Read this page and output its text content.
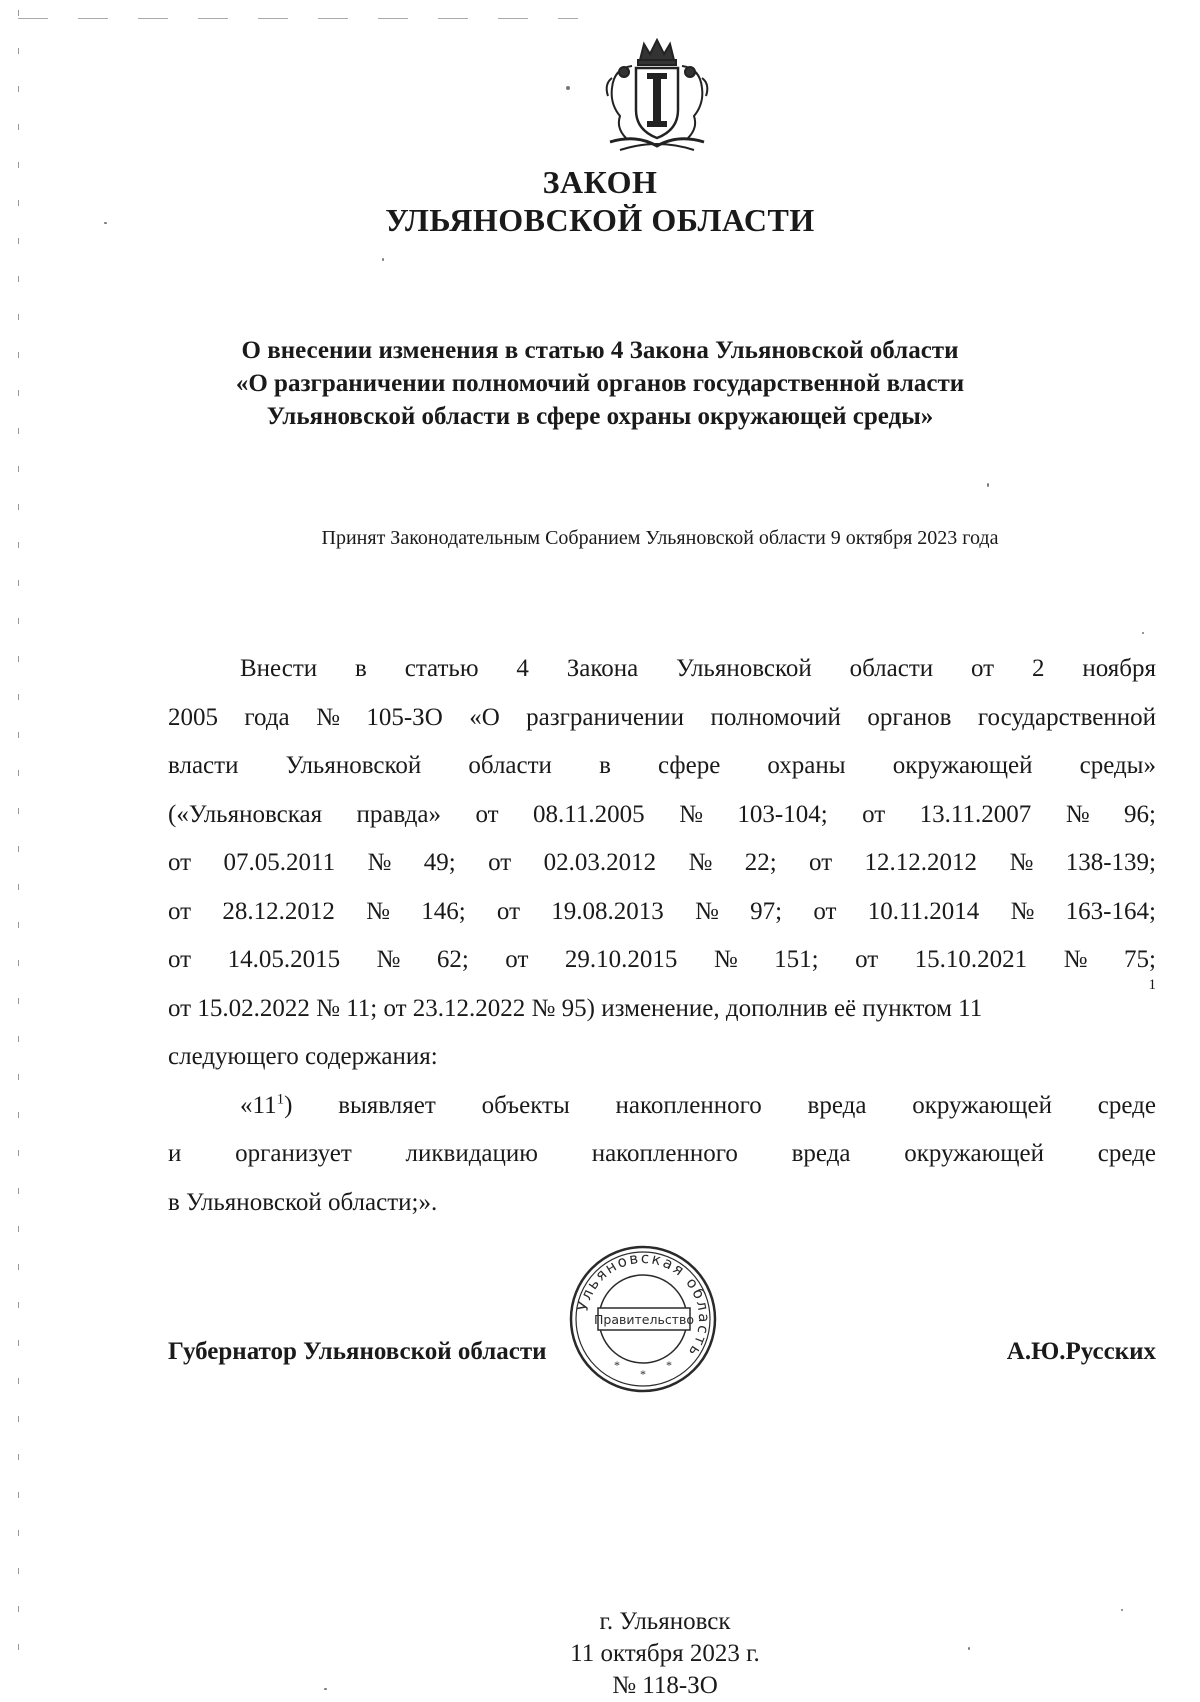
ЗАКОН
УЛЬЯНОВСКОЙ ОБЛАСТИ
О внесении изменения в статью 4 Закона Ульяновской области
«О разграничении полномочий органов государственной власти
Ульяновской области в сфере охраны окружающей среды»
Принят Законодательным Собранием Ульяновской области 9 октября 2023 года
Внести в статью 4 Закона Ульяновской области от 2 ноября
2005 года № 105-ЗО «О разграничении полномочий органов государственной
власти Ульяновской области в сфере охраны окружающей среды»
(«Ульяновская правда» от 08.11.2005 № 103-104; от 13.11.2007 № 96;
от 07.05.2011 № 49; от 02.03.2012 № 22; от 12.12.2012 № 138-139;
от 28.12.2012 № 146; от 19.08.2013 № 97; от 10.11.2014 № 163-164;
от 14.05.2015 № 62; от 29.10.2015 № 151; от 15.10.2021 № 75;
от 15.02.2022 № 11; от 23.12.2022 № 95) изменение, дополнив её пунктом 11
1
следующего содержания:
«$11^1$) выявляет объекты накопленного вреда окружающей среде
и организует ликвидацию накопленного вреда окружающей среде
в Ульяновской области;».
Губернатор Ульяновской области	А.Ю.Русских
Ульяновская область
Правительство
*
*
*
г. Ульяновск
11 октября 2023 г.
№ 118-ЗО
